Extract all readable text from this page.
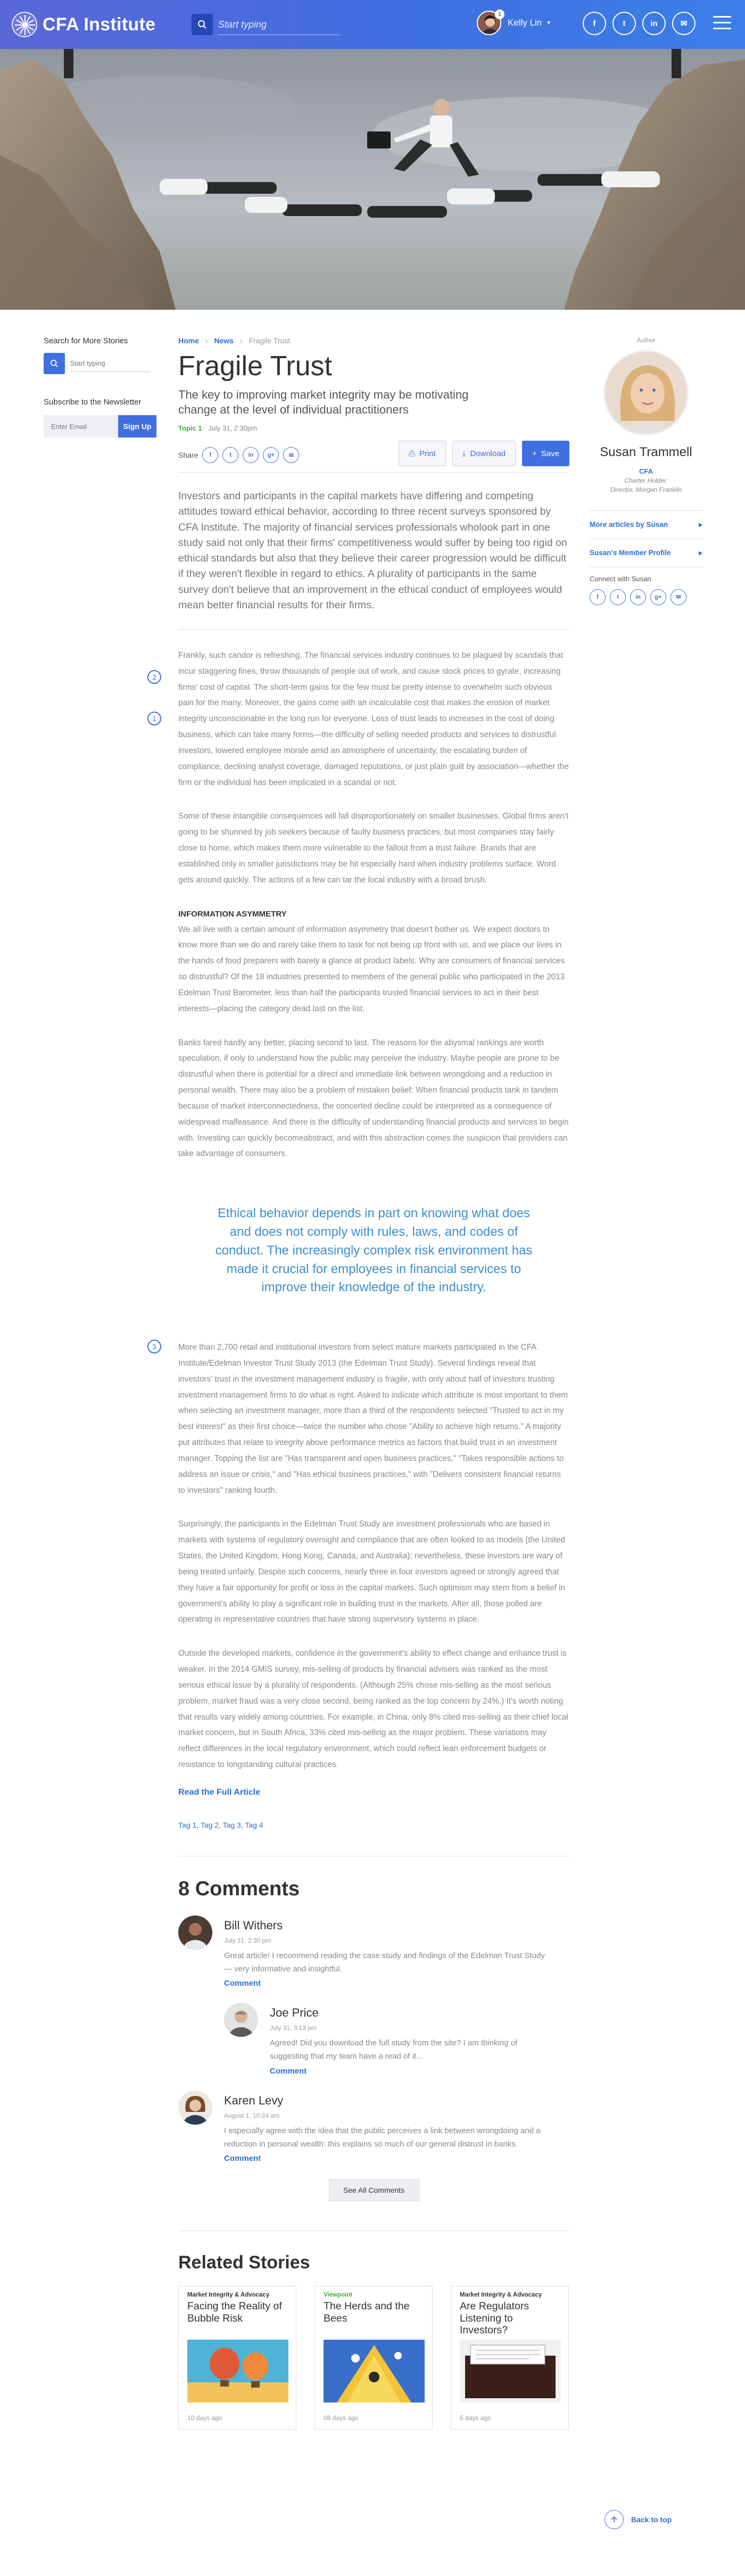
CFA Institute
Start typing	Kelly Lin ▼
1
f	t	in	✉
Search for More Stories
Start typing
Subscribe to the Newsletter
Enter Email
Sign Up
Home › News › Fragile Trust
Fragile Trust
The key to improving market integrity may be motivating change at the level of individual practitioners
Topic 1 July 31, 2:30pm
Share	f	t	in	g+	✉	⎙ Print	⤓ Download	+ Save
Investors and participants in the capital markets have differing and competing attitudes toward ethical behavior, according to three recent surveys sponsored by CFA Institute. The majority of financial services professionals wholook part in one study said not only that their firms' competitiveness would suffer by being too rigid on ethical standards but also that they believe their career progression would be difficult if they weren't flexible in regard to ethics. A plurality of participants in the same survey don't believe that an improvement in the ethical conduct of employees would mean better financial results for their firms.
2
1

Frankly, such candor is refreshing. The financial services industry continues to be plagued by scandals that incur staggering fines, throw thousands of people out of work, and cause stock prices to gyrate, increasing firms' cost of capital. The short-term gains for the few must be pretty intense to overwhelm such obvious pain for the many. Moreover, the gains come with an incalculable cost that makes the erosion of market integrity unconscionable in the long run for everyone. Loss of trust leads to increases in the cost of doing business, which can take many forms—the difficulty of selling needed products and services to distrustful investors, lowered employee morale amid an atmosphere of uncertainty, the escalating burden of compliance, declining analyst coverage, damaged reputations, or just plain guilt by association—whether the firm or the individual has been implicated in a scandal or not.

Some of these intangible consequences will fall disproportionately on smaller businesses. Global firms aren't going to be shunned by job seekers because of faulty business practices, but most companies stay fairly close to home, which makes them more vulnerable to the fallout from a trust failure. Brands that are established only in smaller jurisdictions may be hit especially hard when industry problems surface. Word gets around quickly. The actions of a few can tar the local industry with a broad brush.

INFORMATION ASYMMETRY

We all live with a certain amount of information asymmetry that doesn't bother us. We expect doctors to know more than we do and rarely take them to task for not being up front with us, and we place our lives in the hands of food preparers with barely a glance at product labels. Why are consumers of financial services so distrustful? Of the 18 industries presented to members of the general public who participated in the 2013 Edelman Trust Barometer, less than half the participants trusted financial services to act in their best interests—placing the category dead last on the list.

Banks fared hardly any better, placing second to last. The reasons for the abysmal rankings are worth speculation, if only to understand how the public may perceive the industry. Maybe people are prone to be distrustful when there is potential for a direct and immediate link between wrongdoing and a reduction in personal wealth. There may also be a problem of mistaken belief: When financial products tank in tandem because of market interconnectedness, the concerted decline could be interpreted as a consequence of widespread malfeasance. And there is the difficulty of understanding financial products and services to begin with. Investing can quickly becomeabstract, and with this abstraction comes the suspicion that providers can take advantage of consumers.

Ethical behavior depends in part on knowing what does and does not comply with rules, laws, and codes of conduct. The increasingly complex risk environment has made it crucial for employees in financial services to improve their knowledge of the industry.
3	More than 2,700 retail and institutional investors from select mature markets participated in the CFA Institute/Edelman Investor Trust Study 2013 (the Edelman Trust Study). Several findings reveal that investors' trust in the investment management industry is fragile, with only about half of investors trusting investment management firms to do what is right. Asked to indicate which attribute is most important to them when selecting an investment manager, more than a third of the respondents selected "Trusted to act in my best interest" as their first choice—twice the number who chose "Ability to achieve high returns." A majority put attributes that relate to integrity above performance metrics as factors that build trust in an investment manager. Topping the list are "Has transparent and open business practices," "Takes responsible actions to address an issue or crisis," and "Has ethical business practices," with "Delivers consistent financial returns to investors" ranking fourth.

Surprisingly, the participants in the Edelman Trust Study are investment professionals who are based in markets with systems of regulatory oversight and compliance that are often looked to as models (the United States, the United Kingdom, Hong Kong, Canada, and Australia); nevertheless, these investors are wary of being treated unfairly. Despite such concerns, nearly three in four investors agreed or strongly agreed that they have a fair opportunity for profit or loss in the capital markets. Such optimism may stem from a belief in government's ability to play a significant role in building trust in the markets. After all, those polled are operating in representative countries that have strong supervisory systems in place.

Outside the developed markets, confidence in the government's ability to effect change and enhance trust is weaker. In the 2014 GMIS survey, mis-selling of products by financial advisers was ranked as the most serious ethical issue by a plurality of respondents. (Although 25% chose mis-selling as the most serious problem, market fraud was a very close second, being ranked as the top concern by 24%.) It's worth noting that results vary widely among countries. For example, in China, only 8% cited mis-selling as their chief local market concern, but in South Africa, 33% cited mis-selling as the major problem. These variations may reflect differences in the local regulatory environment, which could reflect lean enforcement budgets or resistance to longstanding cultural practices.

Read the Full Article
Tag 1, Tag 2, Tag 3, Tag 4
8 Comments
Bill Withers
July 31, 2:30 pm
Great article! I recommend reading the case study and findings of the Edelman Trust Study — very informative and insightful.
Comment
Joe Price
July 31, 3:13 pm
Agreed! Did you download the full study from the site? I am thinking of suggesting that my team have a read of it...
Comment
Karen Levy
August 1, 10:24 am
I especially agree with the idea that the public perceives a link between wrongdoing and a reduction in personal wealth: this explains so much of our general distrust in banks.
Comment
See All Comments
Related Stories
Market Integrity & Advocacy
Facing the Reality of Bubble Risk
10 days ago
Viewpoint
The Herds and the Bees
08 days ago
Market Integrity & Advocacy
Are Regulators Listening to Investors?
5 days ago
Back to top
Author
Susan Trammell
CFA
Charter Holder,
Director, Morgan Franklin
More articles by Susan	▸
Susan's Member Profile	▸
Connect with Susan
f	t	in	g+	✉
